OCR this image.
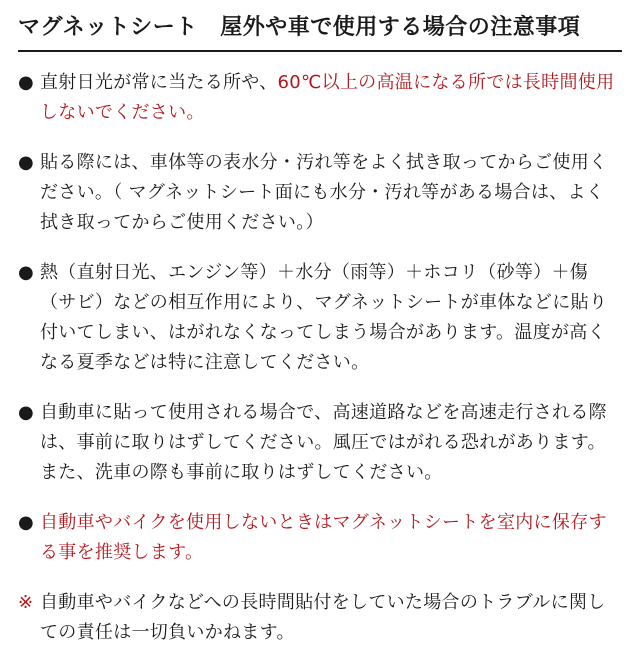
マグネットシート　屋外や車で使用する場合の注意事項
● 直射日光が常に当たる所や、60℃以上の高温になる所では長時間使用しないでください。
● 貼る際には、車体等の表水分・汚れ等をよく拭き取ってからご使用ください。（ マグネットシート面にも水分・汚れ等がある場合は、よく拭き取ってからご使用ください。）
● 熱（直射日光、エンジン等）＋水分（雨等）＋ホコリ（砂等）＋傷（サビ）などの相互作用により、マグネットシートが車体などに貼り付いてしまい、はがれなくなってしまう場合があります。温度が高くなる夏季などは特に注意してください。
● 自動車に貼って使用される場合で、高速道路などを高速走行される際は、事前に取りはずしてください。風圧ではがれる恐れがあります。また、洗車の際も事前に取りはずしてください。
● 自動車やバイクを使用しないときはマグネットシートを室内に保存する事を推奨します。
※ 自動車やバイクなどへの長時間貼付をしていた場合のトラブルに関しての責任は一切負いかねます。
